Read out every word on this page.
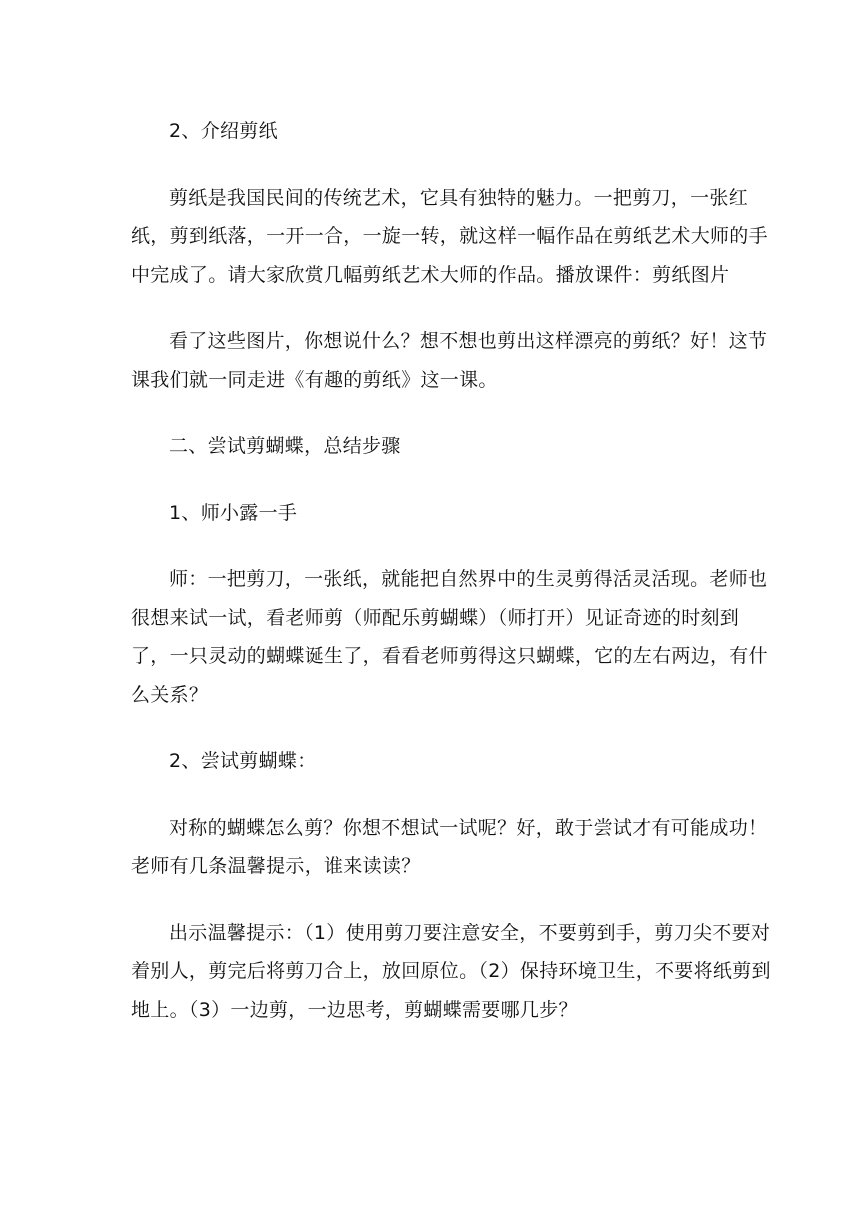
2、介绍剪纸

剪纸是我国民间的传统艺术，它具有独特的魅力。一把剪刀，一张红纸，剪到纸落，一开一合，一旋一转，就这样一幅作品在剪纸艺术大师的手中完成了。请大家欣赏几幅剪纸艺术大师的作品。播放课件：剪纸图片

看了这些图片，你想说什么？想不想也剪出这样漂亮的剪纸？好！这节课我们就一同走进《有趣的剪纸》这一课。

二、尝试剪蝴蝶，总结步骤

1、师小露一手

师：一把剪刀，一张纸，就能把自然界中的生灵剪得活灵活现。老师也很想来试一试，看老师剪（师配乐剪蝴蝶）（师打开）见证奇迹的时刻到了，一只灵动的蝴蝶诞生了，看看老师剪得这只蝴蝶，它的左右两边，有什么关系？

2、尝试剪蝴蝶：

对称的蝴蝶怎么剪？你想不想试一试呢？好，敢于尝试才有可能成功！老师有几条温馨提示，谁来读读？

出示温馨提示：（1）使用剪刀要注意安全，不要剪到手，剪刀尖不要对着别人，剪完后将剪刀合上，放回原位。（2）保持环境卫生，不要将纸剪到地上。（3）一边剪，一边思考，剪蝴蝶需要哪几步？
